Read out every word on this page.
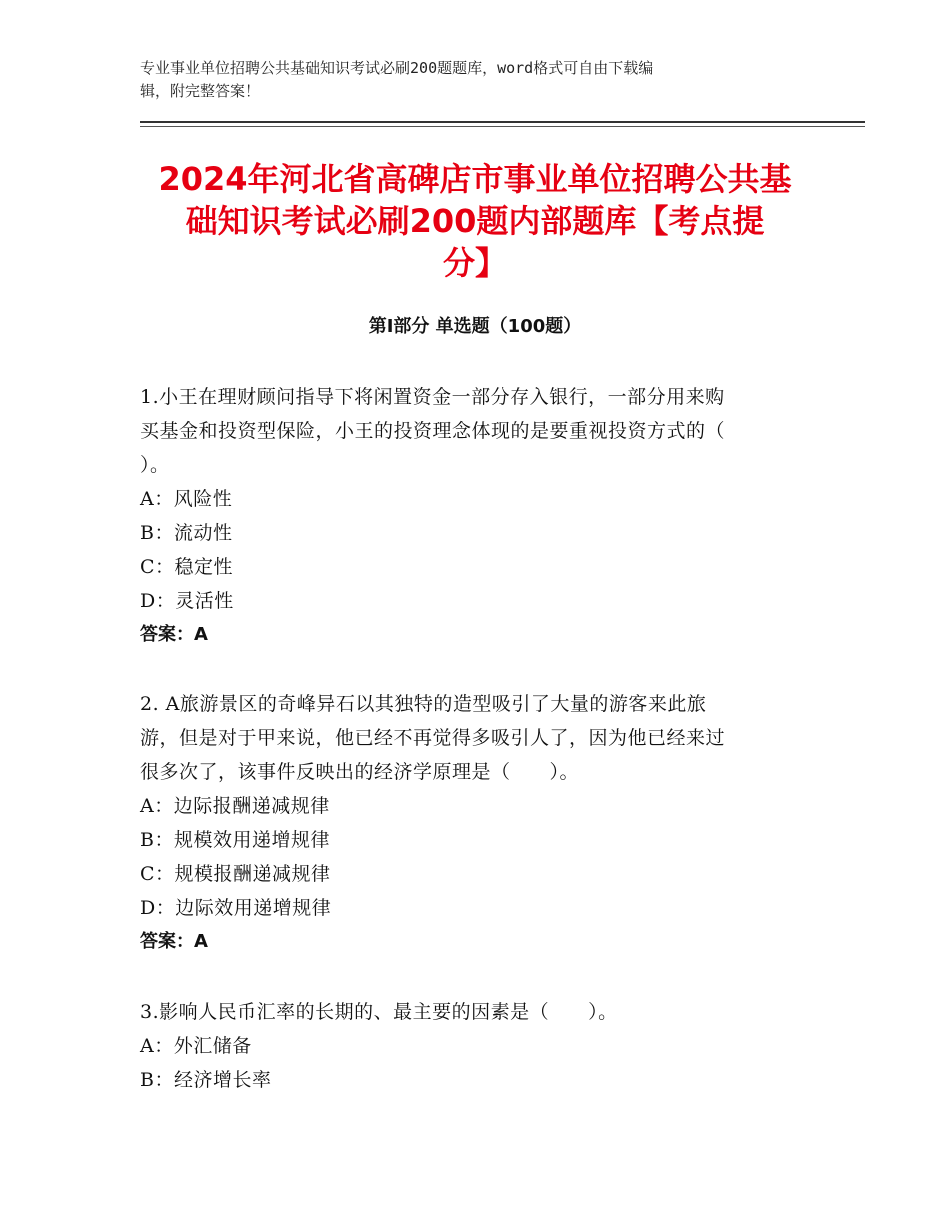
专业事业单位招聘公共基础知识考试必刷200题题库，word格式可自由下载编
辑，附完整答案！
2024年河北省高碑店市事业单位招聘公共基
础知识考试必刷200题内部题库【考点提
分】
第Ⅰ部分 单选题（100题）
1.小王在理财顾问指导下将闲置资金一部分存入银行，一部分用来购
买基金和投资型保险，小王的投资理念体现的是要重视投资方式的（
）。
A：风险性
B：流动性
C：稳定性
D：灵活性
答案：A
2. A旅游景区的奇峰异石以其独特的造型吸引了大量的游客来此旅
游，但是对于甲来说，他已经不再觉得多吸引人了，因为他已经来过
很多次了，该事件反映出的经济学原理是（　　）。
A：边际报酬递减规律
B：规模效用递增规律
C：规模报酬递减规律
D：边际效用递增规律
答案：A
3.影响人民币汇率的长期的、最主要的因素是（　　）。
A：外汇储备
B：经济增长率
